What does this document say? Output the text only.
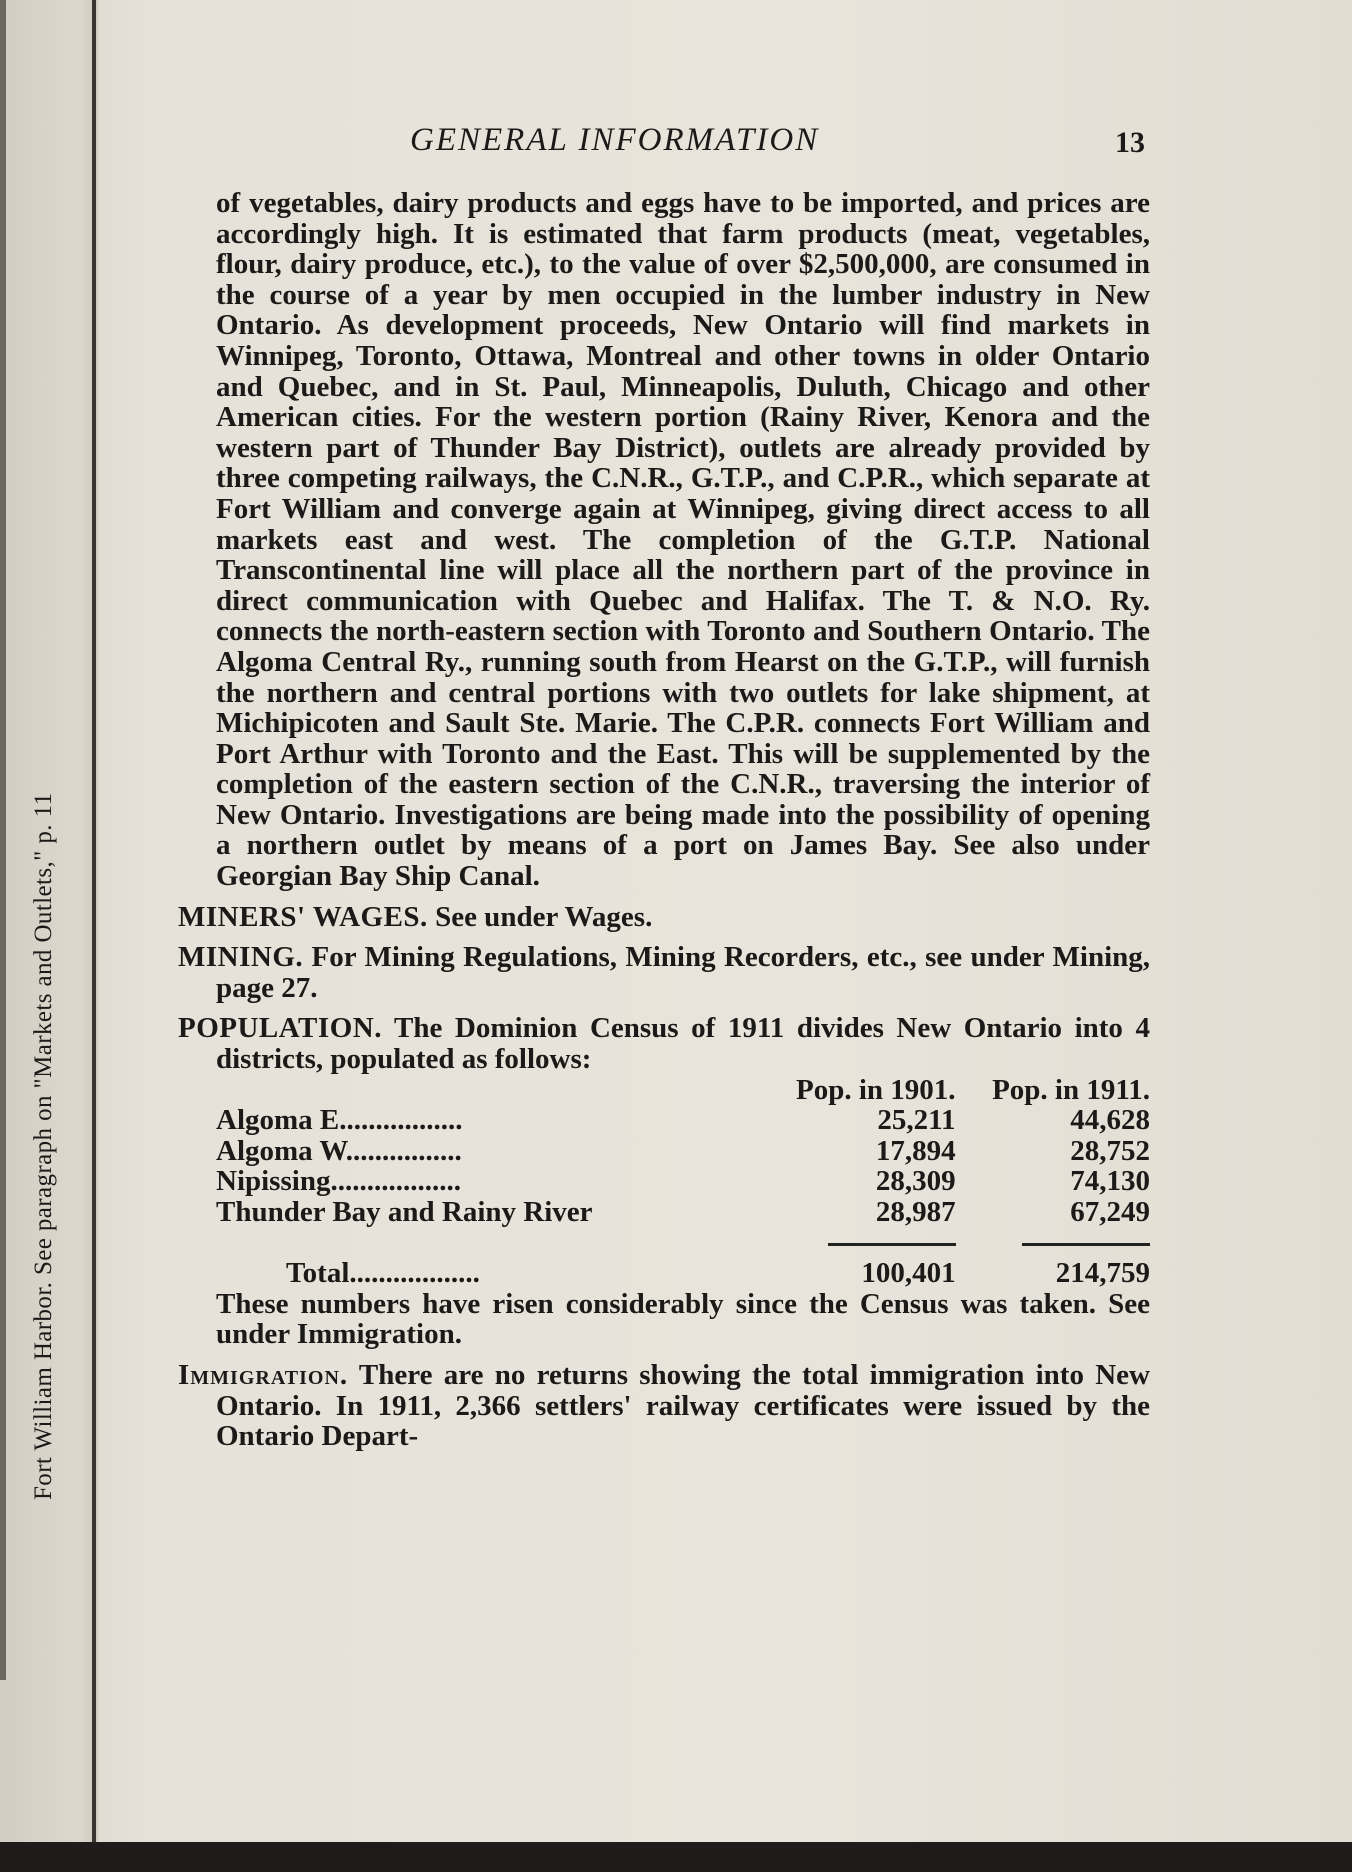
Fort William Harbor. See paragraph on "Markets and Outlets," p. 11
GENERAL INFORMATION	13

of vegetables, dairy products and eggs have to be imported, and prices are accordingly high. It is estimated that farm products (meat, vegetables, flour, dairy produce, etc.), to the value of over $2,500,000, are consumed in the course of a year by men occupied in the lumber industry in New Ontario. As development proceeds, New Ontario will find markets in Winnipeg, Toronto, Ottawa, Montreal and other towns in older Ontario and Quebec, and in St. Paul, Minneapolis, Duluth, Chicago and other American cities. For the western portion (Rainy River, Kenora and the western part of Thunder Bay District), outlets are already provided by three competing railways, the C.N.R., G.T.P., and C.P.R., which separate at Fort William and converge again at Winnipeg, giving direct access to all markets east and west. The completion of the G.T.P. National Transcontinental line will place all the northern part of the province in direct communication with Quebec and Halifax. The T. & N.O. Ry. connects the north-eastern section with Toronto and Southern Ontario. The Algoma Central Ry., running south from Hearst on the G.T.P., will furnish the northern and central portions with two outlets for lake shipment, at Michipicoten and Sault Ste. Marie. The C.P.R. connects Fort William and Port Arthur with Toronto and the East. This will be supplemented by the completion of the eastern section of the C.N.R., traversing the interior of New Ontario. Investigations are being made into the possibility of opening a northern outlet by means of a port on James Bay. See also under Georgian Bay Ship Canal.

MINERS' WAGES. See under Wages.

MINING. For Mining Regulations, Mining Recorders, etc., see under Mining, page 27.

POPULATION. The Dominion Census of 1911 divides New Ontario into 4 districts, populated as follows:

	Pop. in 1901.	Pop. in 1911.
Algoma E.................	25,211	44,628
Algoma W................	17,894	28,752
Nipissing..................	28,309	74,130
Thunder Bay and Rainy River	28,987	67,249

Total..................	100,401	214,759

These numbers have risen considerably since the Census was taken. See under Immigration.

Immigration. There are no returns showing the total immigration into New Ontario. In 1911, 2,366 settlers' railway certificates were issued by the Ontario Depart-
